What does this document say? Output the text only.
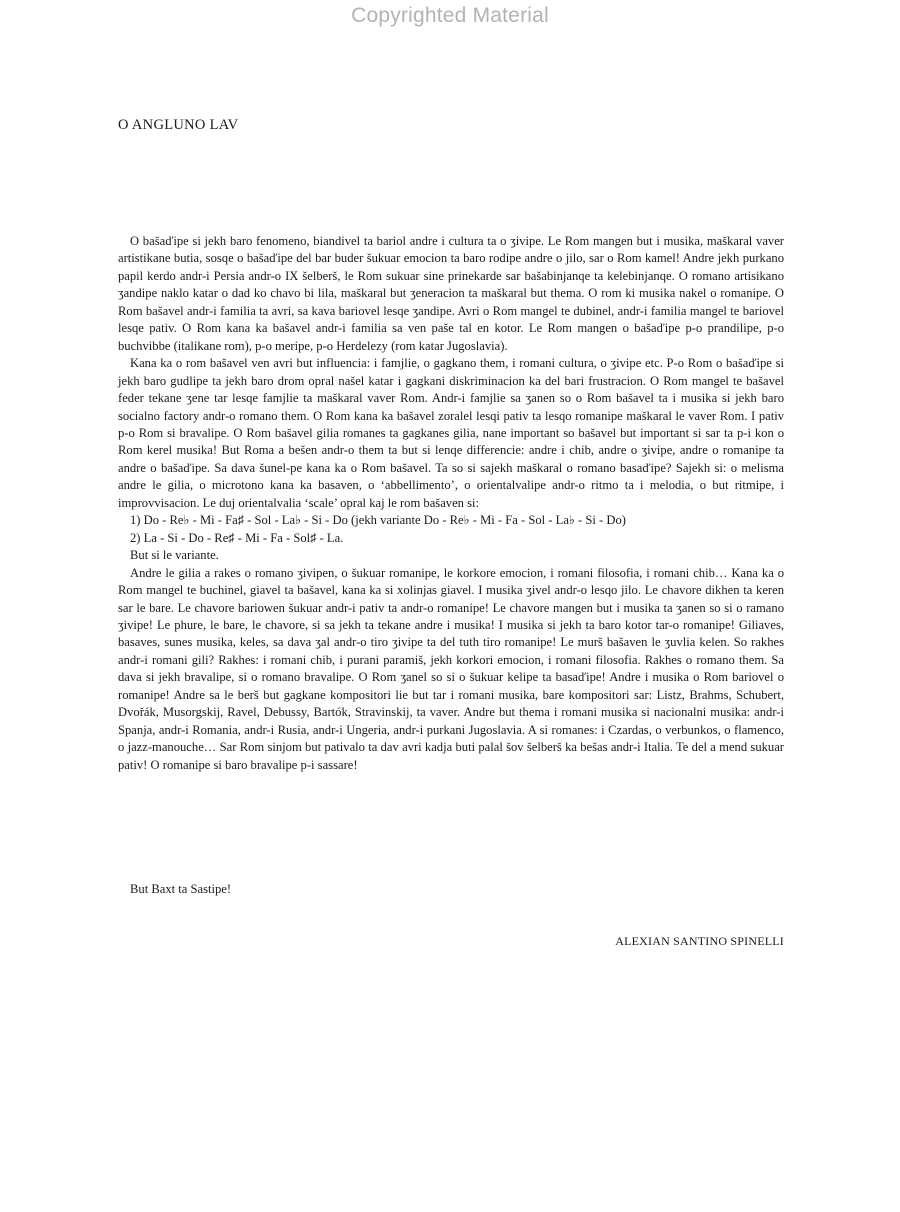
Copyrighted Material
O ANGLUNO LAV

O bašaďipe si jekh baro fenomeno, biandivel ta bariol andre i cultura ta o ʒivipe. Le Rom mangen but i musika, maškaral vaver artistikane butia, sosqe o bašaďipe del bar buder šukuar emocion ta baro rodipe andre o jilo, sar o Rom kamel! Andre jekh purkano papil kerdo andr-i Persia andr-o IX šelberš, le Rom sukuar sine prinekarde sar bašabinjanqe ta kelebinjanqe. O romano artisikano ʒandipe naklo katar o dad ko chavo bi lila, maškaral but ʒeneracion ta maškaral but thema. O rom ki musika nakel o romanipe. O Rom bašavel andr-i familia ta avri, sa kava bariovel lesqe ʒandipe. Avri o Rom mangel te dubinel, andr-i familia mangel te bariovel lesqe pativ. O Rom kana ka bašavel andr-i familia sa ven paše tal en kotor. Le Rom mangen o bašaďipe p-o prandilipe, p-o buchvibbe (italikane rom), p-o meripe, p-o Herdelezy (rom katar Jugoslavia).

Kana ka o rom bašavel ven avri but influencia: i famjlie, o gagkano them, i romani cultura, o ʒivipe etc. P-o Rom o bašaďipe si jekh baro gudlipe ta jekh baro drom opral našel katar i gagkani diskriminacion ka del bari frustracion. O Rom mangel te bašavel feder tekane ʒene tar lesqe famjlie ta maškaral vaver Rom. Andr-i famjlie sa ʒanen so o Rom bašavel ta i musika si jekh baro socialno factory andr-o romano them. O Rom kana ka bašavel zoralel lesqi pativ ta lesqo romanipe maškaral le vaver Rom. I pativ p-o Rom si bravalipe. O Rom bašavel gilia romanes ta gagkanes gilia, nane important so bašavel but important si sar ta p-i kon o Rom kerel musika! But Roma a bešen andr-o them ta but si lenqe differencie: andre i chib, andre o ʒivipe, andre o romanipe ta andre o bašaďipe. Sa dava šunel-pe kana ka o Rom bašavel. Ta so si sajekh maškaral o romano basaďipe? Sajekh si: o melisma andre le gilia, o microtono kana ka basaven, o ‘abbellimento’, o orientalvalipe andr-o ritmo ta i melodia, o but ritmipe, i improvvisacion. Le duj orientalvalia ‘scale’ opral kaj le rom bašaven si:

1) Do - Re♭ - Mi - Fa♯ - Sol - La♭ - Si - Do (jekh variante Do - Re♭ - Mi - Fa - Sol - La♭ - Si - Do)

2) La - Si - Do - Re♯ - Mi - Fa - Sol♯ - La.

But si le variante.

Andre le gilia a rakes o romano ʒivipen, o šukuar romanipe, le korkore emocion, i romani filosofia, i romani chib… Kana ka o Rom mangel te buchinel, giavel ta bašavel, kana ka si xolinjas giavel. I musika ʒivel andr-o lesqo jilo. Le chavore dikhen ta keren sar le bare. Le chavore bariowen šukuar andr-i pativ ta andr-o romanipe! Le chavore mangen but i musika ta ʒanen so si o ramano ʒivipe! Le phure, le bare, le chavore, si sa jekh ta tekane andre i musika! I musika si jekh ta baro kotor tar-o romanipe! Giliaves, basaves, sunes musika, keles, sa dava ʒal andr-o tiro ʒivipe ta del tuth tiro romanipe! Le murš bašaven le ʒuvlia kelen. So rakhes andr-i romani gili? Rakhes: i romani chib, i purani paramiš, jekh korkori emocion, i romani filosofia. Rakhes o romano them. Sa dava si jekh bravalipe, si o romano bravalipe. O Rom ʒanel so si o šukuar kelipe ta basaďipe! Andre i musika o Rom bariovel o romanipe! Andre sa le berš but gagkane kompositori lie but tar i romani musika, bare kompositori sar: Listz, Brahms, Schubert, Dvořák, Musorgskij, Ravel, Debussy, Bartók, Stravinskij, ta vaver. Andre but thema i romani musika si nacionalni musika: andr-i Spanja, andr-i Romania, andr-i Rusia, andr-i Ungeria, andr-i purkani Jugoslavia. A si romanes: i Czardas, o verbunkos, o flamenco, o jazz-manouche… Sar Rom sinjom but pativalo ta dav avri kadja buti palal šov šelberš ka bešas andr-i Italia. Te del a mend sukuar pativ! O romanipe si baro bravalipe p-i sassare!

But Baxt ta Sastipe!
ALEXIAN SANTINO SPINELLI
